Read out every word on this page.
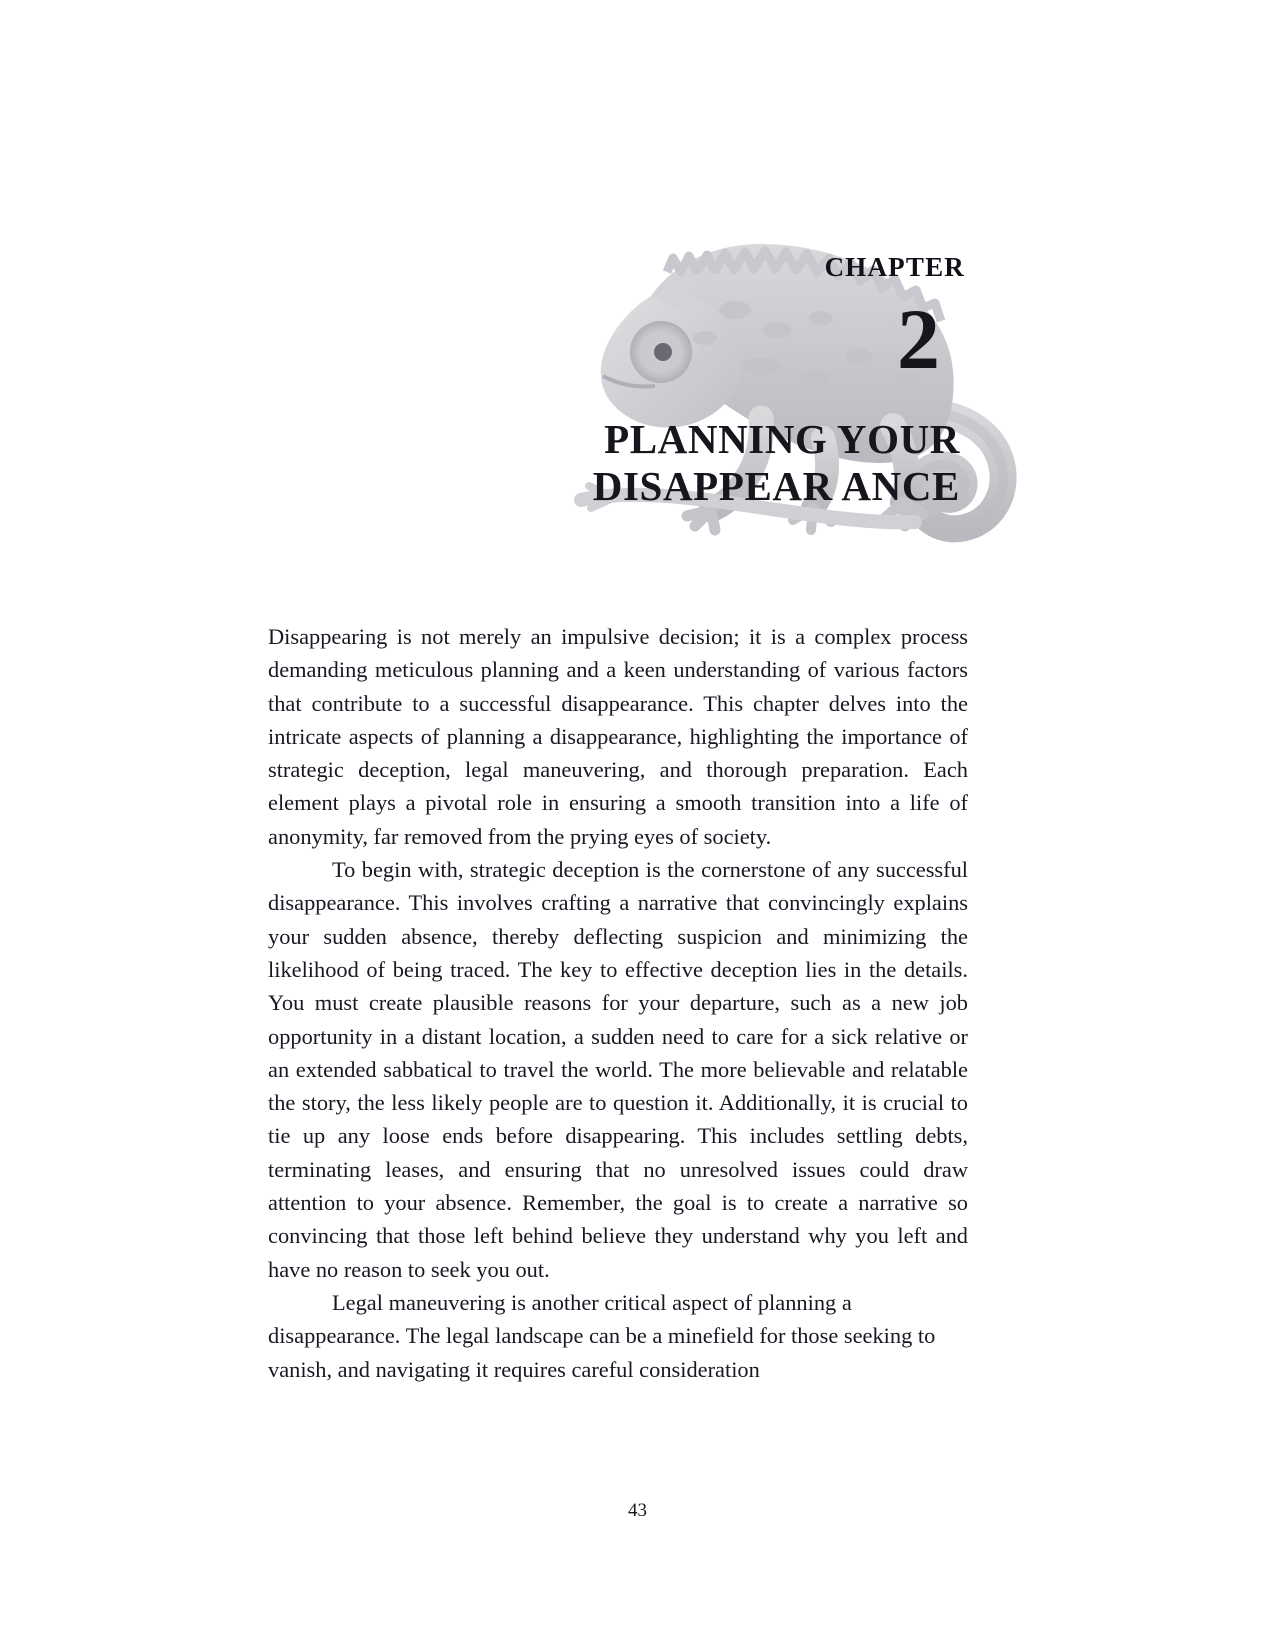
CHAPTER
2
PLANNING YOUR
DISAPPEAR ANCE

Disappearing is not merely an impulsive decision; it is a complex process demanding meticulous planning and a keen understanding of various factors that contribute to a successful disappearance. This chapter delves into the intricate aspects of planning a disappearance, highlighting the importance of strategic deception, legal maneuvering, and thorough preparation. Each element plays a pivotal role in ensuring a smooth transition into a life of anonymity, far removed from the prying eyes of society.

To begin with, strategic deception is the cornerstone of any successful disappearance. This involves crafting a narrative that convincingly explains your sudden absence, thereby deflecting suspicion and minimizing the likelihood of being traced. The key to effective deception lies in the details. You must create plausible reasons for your departure, such as a new job opportunity in a distant location, a sudden need to care for a sick relative or an extended sabbatical to travel the world. The more believable and relatable the story, the less likely people are to question it. Additionally, it is crucial to tie up any loose ends before disappearing. This includes settling debts, terminating leases, and ensuring that no unresolved issues could draw attention to your absence. Remember, the goal is to create a narrative so convincing that those left behind believe they understand why you left and have no reason to seek you out.

Legal maneuvering is another critical aspect of planning a disappearance. The legal landscape can be a minefield for those seeking to vanish, and navigating it requires careful consideration

43
